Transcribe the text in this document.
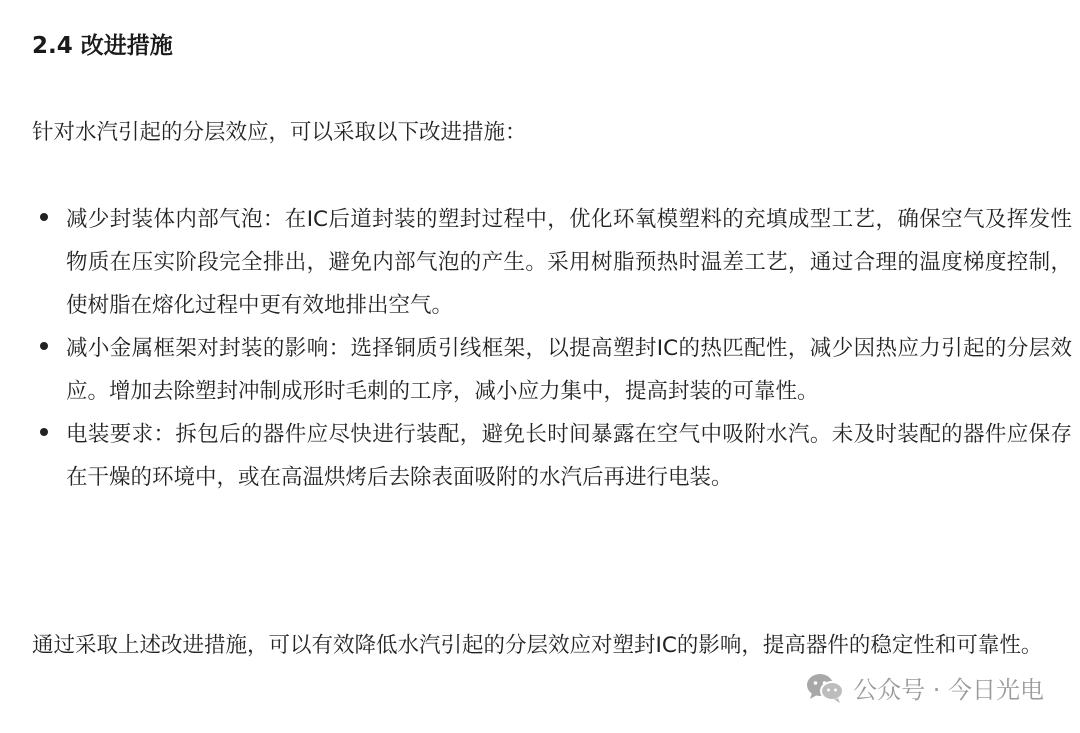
2.4 改进措施
针对水汽引起的分层效应，可以采取以下改进措施：
减少封装体内部气泡：在IC后道封装的塑封过程中，优化环氧模塑料的充填成型工艺，确保空气及挥发性物质在压实阶段完全排出，避免内部气泡的产生。采用树脂预热时温差工艺，通过合理的温度梯度控制，使树脂在熔化过程中更有效地排出空气。
减小金属框架对封装的影响：选择铜质引线框架，以提高塑封IC的热匹配性，减少因热应力引起的分层效应。增加去除塑封冲制成形时毛刺的工序，减小应力集中，提高封装的可靠性。
电装要求：拆包后的器件应尽快进行装配，避免长时间暴露在空气中吸附水汽。未及时装配的器件应保存在干燥的环境中，或在高温烘烤后去除表面吸附的水汽后再进行电装。
通过采取上述改进措施，可以有效降低水汽引起的分层效应对塑封IC的影响，提高器件的稳定性和可靠性。
公众号 · 今日光电
